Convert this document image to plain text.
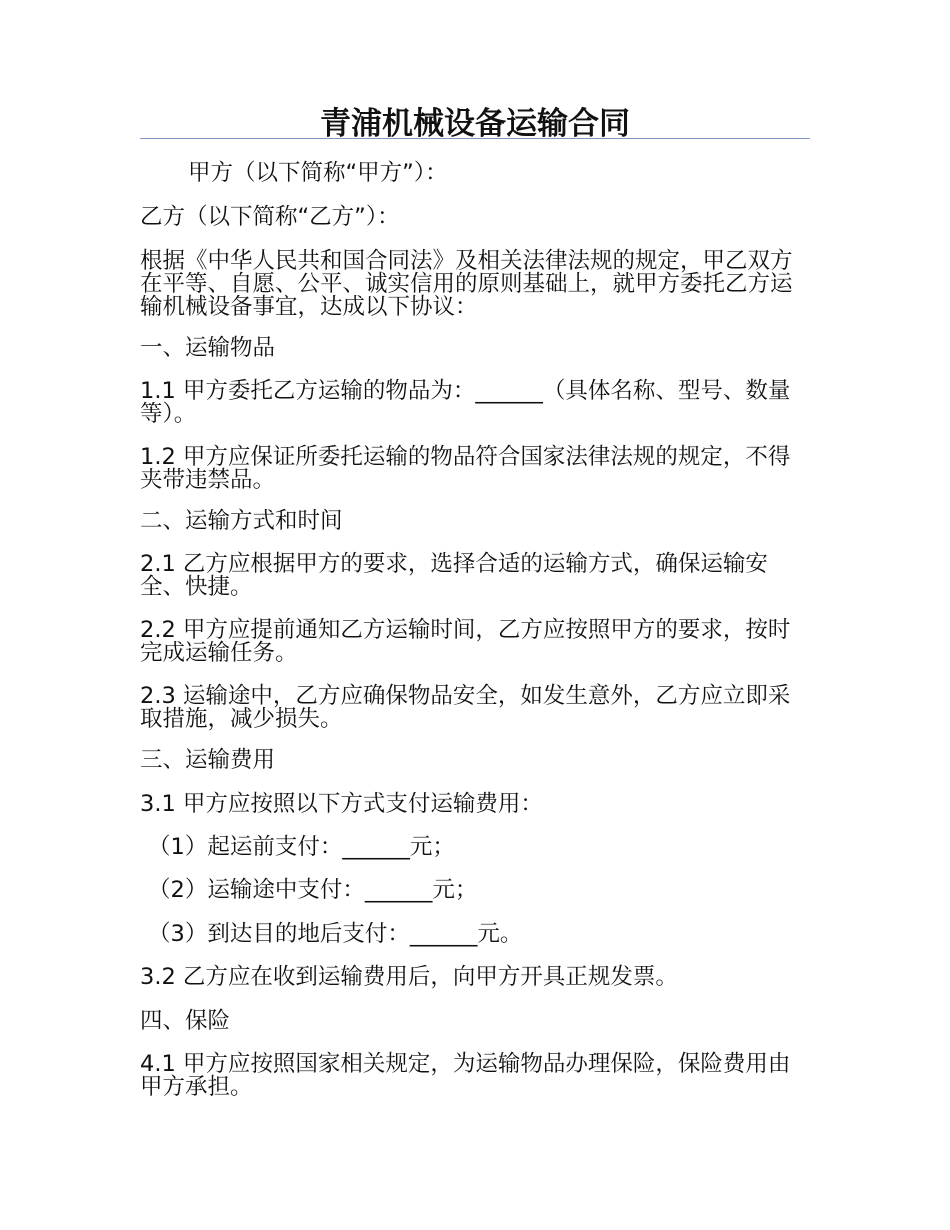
青浦机械设备运输合同

甲方（以下简称“甲方”）：

乙方（以下简称“乙方”）：

根据《中华人民共和国合同法》及相关法律法规的规定，甲乙双方在平等、自愿、公平、诚实信用的原则基础上，就甲方委托乙方运输机械设备事宜，达成以下协议：

一、运输物品

1.1 甲方委托乙方运输的物品为：______（具体名称、型号、数量等）。

1.2 甲方应保证所委托运输的物品符合国家法律法规的规定，不得夹带违禁品。

二、运输方式和时间

2.1 乙方应根据甲方的要求，选择合适的运输方式，确保运输安全、快捷。

2.2 甲方应提前通知乙方运输时间，乙方应按照甲方的要求，按时完成运输任务。

2.3 运输途中，乙方应确保物品安全，如发生意外，乙方应立即采取措施，减少损失。

三、运输费用

3.1 甲方应按照以下方式支付运输费用：

（1）起运前支付：______元；

（2）运输途中支付：______元；

（3）到达目的地后支付：______元。

3.2 乙方应在收到运输费用后，向甲方开具正规发票。

四、保险

4.1 甲方应按照国家相关规定，为运输物品办理保险，保险费用由甲方承担。
